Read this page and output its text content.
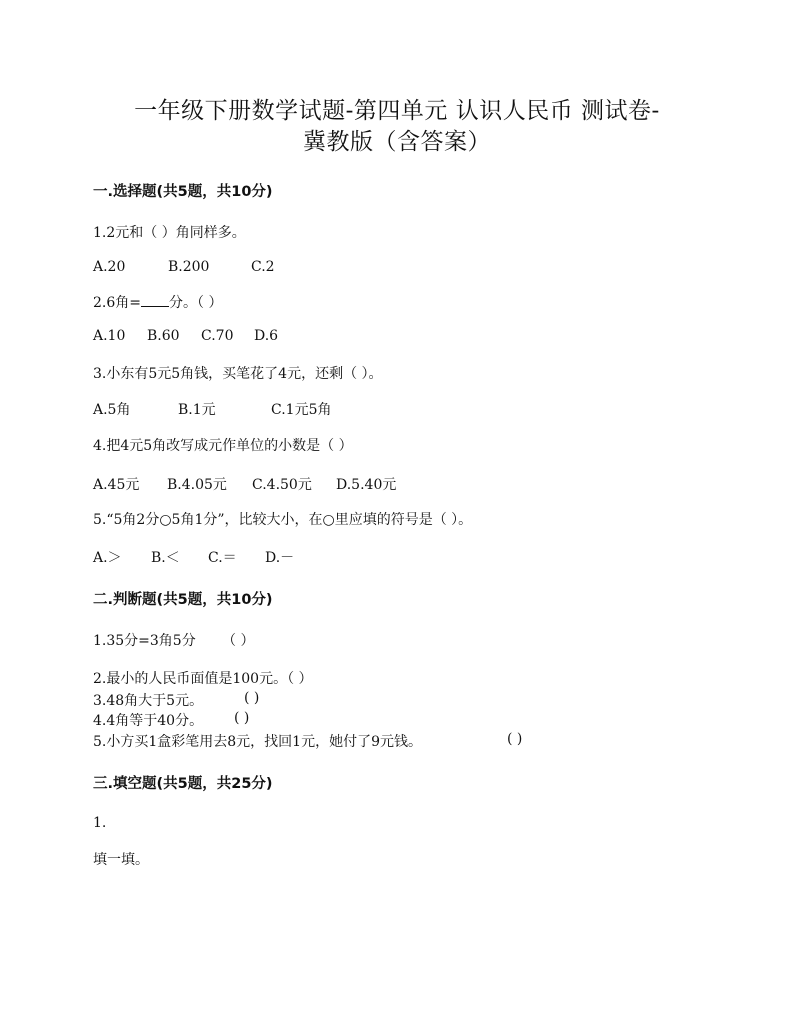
一年级下册数学试题-第四单元 认识人民币 测试卷-
冀教版（含答案）
一.选择题(共5题，共10分)
1.2元和（ ）角同样多。
A.20	B.200	C.2
2.6角= 分。（ ）
A.10 B.60 C.70 D.6
3.小东有5元5角钱，买笔花了4元，还剩（ ）。
A.5角	B.1元	C.1元5角
4.把4元5角改写成元作单位的小数是（ ）
A.45元 B.4.05元 C.4.50元 D.5.40元
5.“5角2分○5角1分”，比较大小，在○里应填的符号是（ ）。
A.＞ B.＜ C.＝ D.－
二.判断题(共5题，共10分)
1.35分=3角5分 （ ）
2.最小的人民币面值是100元。（ ）
3.48角大于5元。	( )
4.4角等于40分。 ( )
5.小方买1盒彩笔用去8元，找回1元，她付了9元钱。	( )
三.填空题(共5题，共25分)
1.
填一填。
